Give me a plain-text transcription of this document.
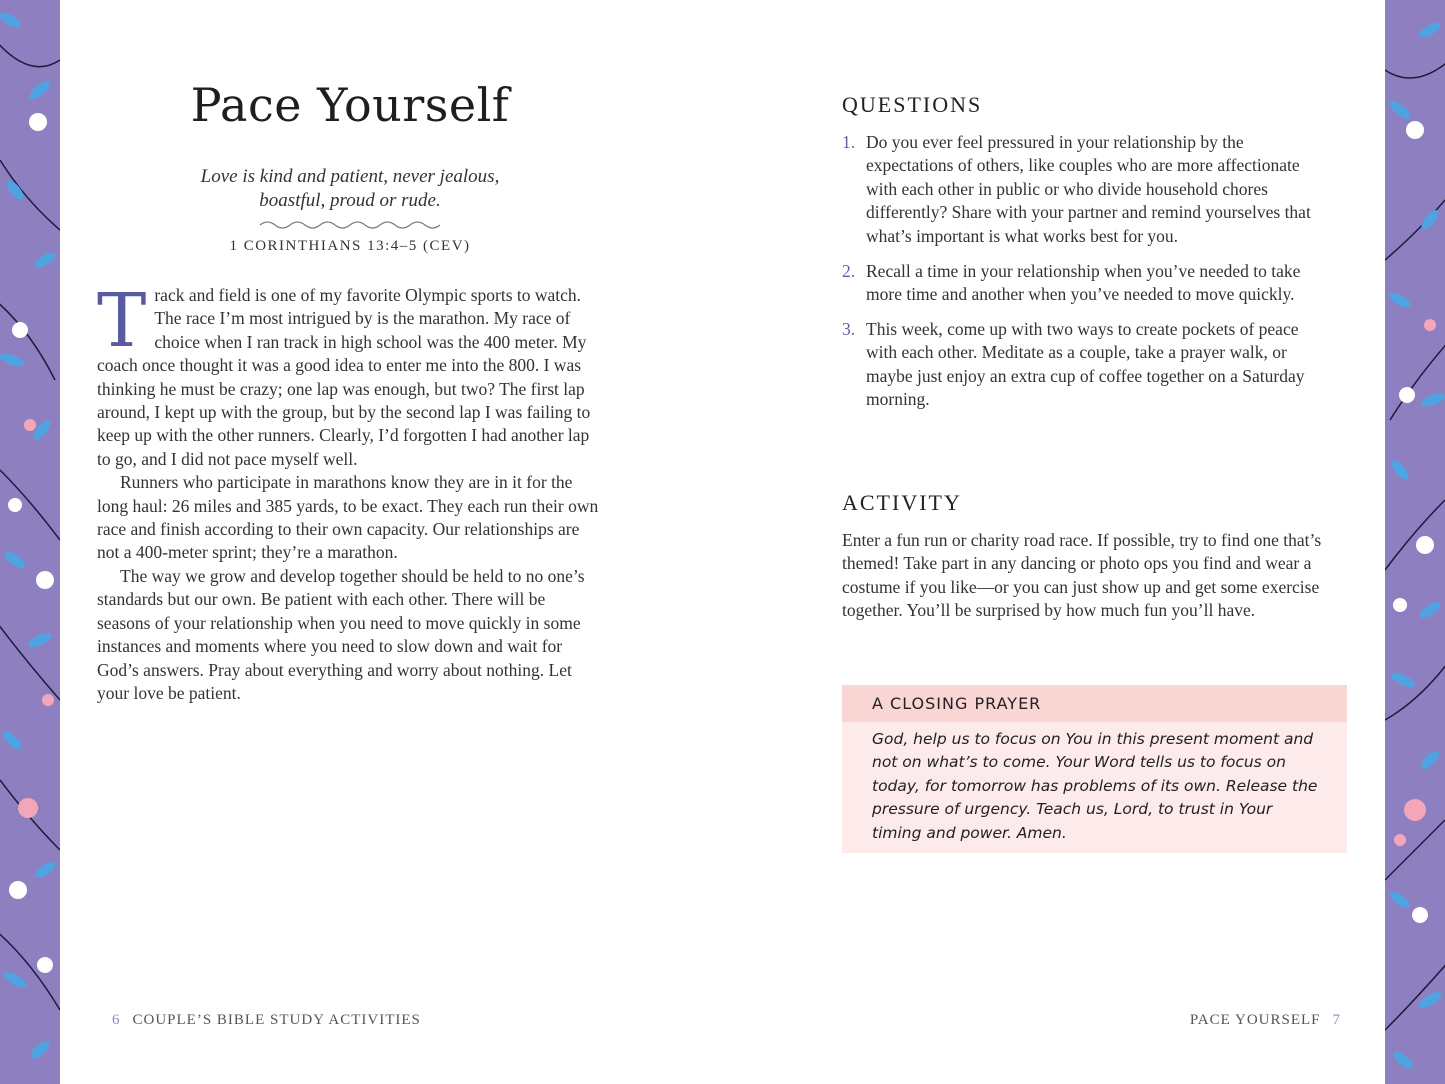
Pace Yourself
Love is kind and patient, never jealous,
boastful, proud or rude.
1 CORINTHIANS 13:4–5 (CEV)

Track and field is one of my favorite Olympic sports to watch. The race I’m most intrigued by is the marathon. My race of choice when I ran track in high school was the 400 meter. My coach once thought it was a good idea to enter me into the 800. I was thinking he must be crazy; one lap was enough, but two? The first lap around, I kept up with the group, but by the second lap I was failing to keep up with the other runners. Clearly, I’d forgotten I had another lap to go, and I did not pace myself well.

Runners who participate in marathons know they are in it for the long haul: 26 miles and 385 yards, to be exact. They each run their own race and finish according to their own capacity. Our relationships are not a 400-meter sprint; they’re a marathon.

The way we grow and develop together should be held to no one’s standards but our own. Be patient with each other. There will be seasons of your relationship when you need to move quickly in some instances and moments where you need to slow down and wait for God’s answers. Pray about everything and worry about nothing. Let your love be patient.

6 COUPLE’S BIBLE STUDY ACTIVITIES
QUESTIONS
1. Do you ever feel pressured in your relationship by the expectations of others, like couples who are more affectionate with each other in public or who divide household chores differently? Share with your partner and remind yourselves that what’s important is what works best for you.
2. Recall a time in your relationship when you’ve needed to take more time and another when you’ve needed to move quickly.
3. This week, come up with two ways to create pockets of peace with each other. Meditate as a couple, take a prayer walk, or maybe just enjoy an extra cup of coffee together on a Saturday morning.
ACTIVITY
Enter a fun run or charity road race. If possible, try to find one that’s themed! Take part in any dancing or photo ops you find and wear a costume if you like—or you can just show up and get some exercise together. You’ll be surprised by how much fun you’ll have.
A CLOSING PRAYER
God, help us to focus on You in this present moment and not on what’s to come. Your Word tells us to focus on today, for tomorrow has problems of its own. Release the pressure of urgency. Teach us, Lord, to trust in Your timing and power. Amen.
PACE YOURSELF 7
